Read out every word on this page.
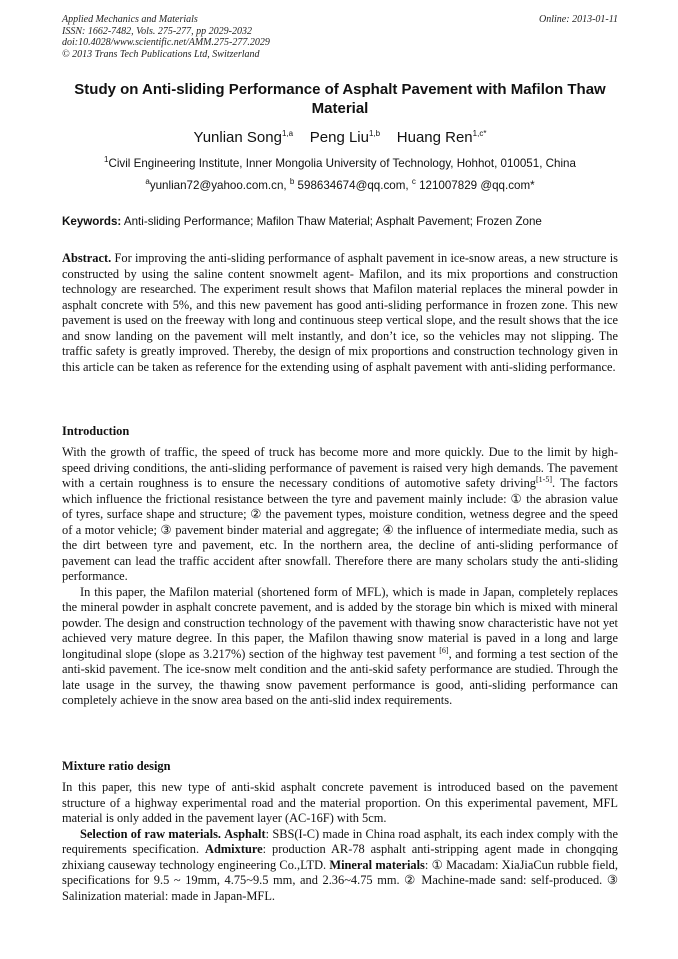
Applied Mechanics and Materials
ISSN: 1662-7482, Vols. 275-277, pp 2029-2032
doi:10.4028/www.scientific.net/AMM.275-277.2029
© 2013 Trans Tech Publications Ltd, Switzerland
Online: 2013-01-11
Study on Anti-sliding Performance of Asphalt Pavement with Mafilon Thaw Material
Yunlian Song$^{1,a}$ Peng Liu$^{1,b}$ Huang Ren$^{1,c*}$
$^1$Civil Engineering Institute, Inner Mongolia University of Technology, Hohhot, 010051, China
$^a$yunlian72@yahoo.com.cn, $^b$ 598634674@qq.com, $^c$ 121007829 @qq.com*
Keywords: Anti-sliding Performance; Mafilon Thaw Material; Asphalt Pavement; Frozen Zone

Abstract. For improving the anti-sliding performance of asphalt pavement in ice-snow areas, a new structure is constructed by using the saline content snowmelt agent- Mafilon, and its mix proportions and construction technology are researched. The experiment result shows that Mafilon material replaces the mineral powder in asphalt concrete with 5%, and this new pavement has good anti-sliding performance in frozen zone. This new pavement is used on the freeway with long and continuous steep vertical slope, and the result shows that the ice and snow landing on the pavement will melt instantly, and don’t ice, so the vehicles may not slipping. The traffic safety is greatly improved. Thereby, the design of mix proportions and construction technology given in this article can be taken as reference for the extending using of asphalt pavement with anti-sliding performance.

Introduction

With the growth of traffic, the speed of truck has become more and more quickly. Due to the limit by high-speed driving conditions, the anti-sliding performance of pavement is raised very high demands. The pavement with a certain roughness is to ensure the necessary conditions of automotive safety driving[1-5]. The factors which influence the frictional resistance between the tyre and pavement mainly include: ① the abrasion value of tyres, surface shape and structure; ② the pavement types, moisture condition, wetness degree and the speed of a motor vehicle; ③ pavement binder material and aggregate; ④ the influence of intermediate media, such as the dirt between tyre and pavement, etc. In the northern area, the decline of anti-sliding performance of pavement can lead the traffic accident after snowfall. Therefore there are many scholars study the anti-sliding performance.

In this paper, the Mafilon material (shortened form of MFL), which is made in Japan, completely replaces the mineral powder in asphalt concrete pavement, and is added by the storage bin which is mixed with mineral powder. The design and construction technology of the pavement with thawing snow characteristic have not yet achieved very mature degree. In this paper, the Mafilon thawing snow material is paved in a long and large longitudinal slope (slope as 3.217%) section of the highway test pavement [6], and forming a test section of the anti-skid pavement. The ice-snow melt condition and the anti-skid safety performance are studied. Through the late usage in the survey, the thawing snow pavement performance is good, anti-sliding performance can completely achieve in the snow area based on the anti-slid index requirements.

Mixture ratio design

In this paper, this new type of anti-skid asphalt concrete pavement is introduced based on the pavement structure of a highway experimental road and the material proportion. On this experimental pavement, MFL material is only added in the pavement layer (AC-16F) with 5cm.

Selection of raw materials. Asphalt: SBS(I-C) made in China road asphalt, its each index comply with the requirements specification. Admixture: production AR-78 asphalt anti-stripping agent made in chongqing zhixiang causeway technology engineering Co.,LTD. Mineral materials: ① Macadam: XiaJiaCun rubble field, specifications for 9.5 ~ 19mm, 4.75~9.5 mm, and 2.36~4.75 mm. ② Machine-made sand: self-produced. ③ Salinization material: made in Japan-MFL.
